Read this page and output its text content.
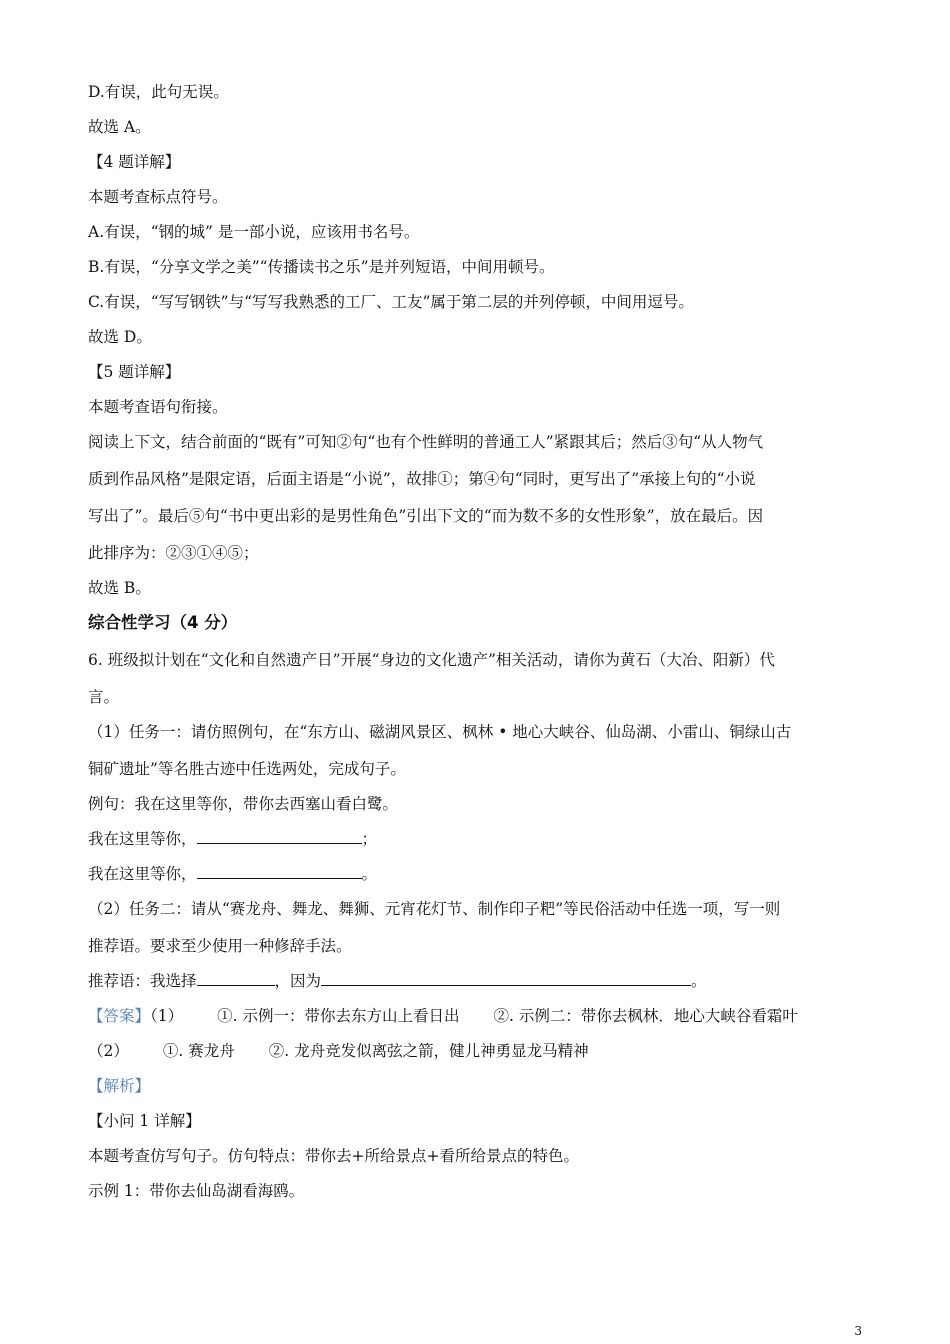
D.有误，此句无误。
故选 A。
【4 题详解】
本题考查标点符号。
A.有误，“钢的城” 是一部小说，应该用书名号。
B.有误，“分享文学之美”“传播读书之乐”是并列短语，中间用顿号。
C.有误，“写写钢铁”与“写写我熟悉的工厂、工友”属于第二层的并列停顿，中间用逗号。
故选 D。
【5 题详解】
本题考查语句衔接。
阅读上下文，结合前面的“既有”可知②句“也有个性鲜明的普通工人”紧跟其后；然后③句“从人物气
质到作品风格”是限定语，后面主语是“小说”，故排①；第④句“同时，更写出了”承接上句的“小说
写出了”。最后⑤句“书中更出彩的是男性角色”引出下文的“而为数不多的女性形象”，放在最后。因
此排序为：②③①④⑤；
故选 B。
综合性学习（4 分）
6. 班级拟计划在“文化和自然遗产日”开展“身边的文化遗产”相关活动，请你为黄石（大冶、阳新）代
言。
（1）任务一：请仿照例句，在“东方山、磁湖风景区、枫林 • 地心大峡谷、仙岛湖、小雷山、铜绿山古
铜矿遗址”等名胜古迹中任选两处，完成句子。
例句：我在这里等你，带你去西塞山看白鹭。
我在这里等你，	；
我在这里等你，	。
（2）任务二：请从“赛龙舟、舞龙、舞狮、元宵花灯节、制作印子粑”等民俗活动中任选一项，写一则
推荐语。要求至少使用一种修辞手法。
推荐语：我选择	，因为	。
【答案】（1） ①. 示例一：带你去东方山上看日出 ②. 示例二：带你去枫林．地心大峡谷看霜叶
（2） ①. 赛龙舟 ②. 龙舟竞发似离弦之箭，健儿神勇显龙马精神
【解析】
【小问 1 详解】
本题考查仿写句子。仿句特点：带你去+所给景点+看所给景点的特色。
示例 1：带你去仙岛湖看海鸥。
3
